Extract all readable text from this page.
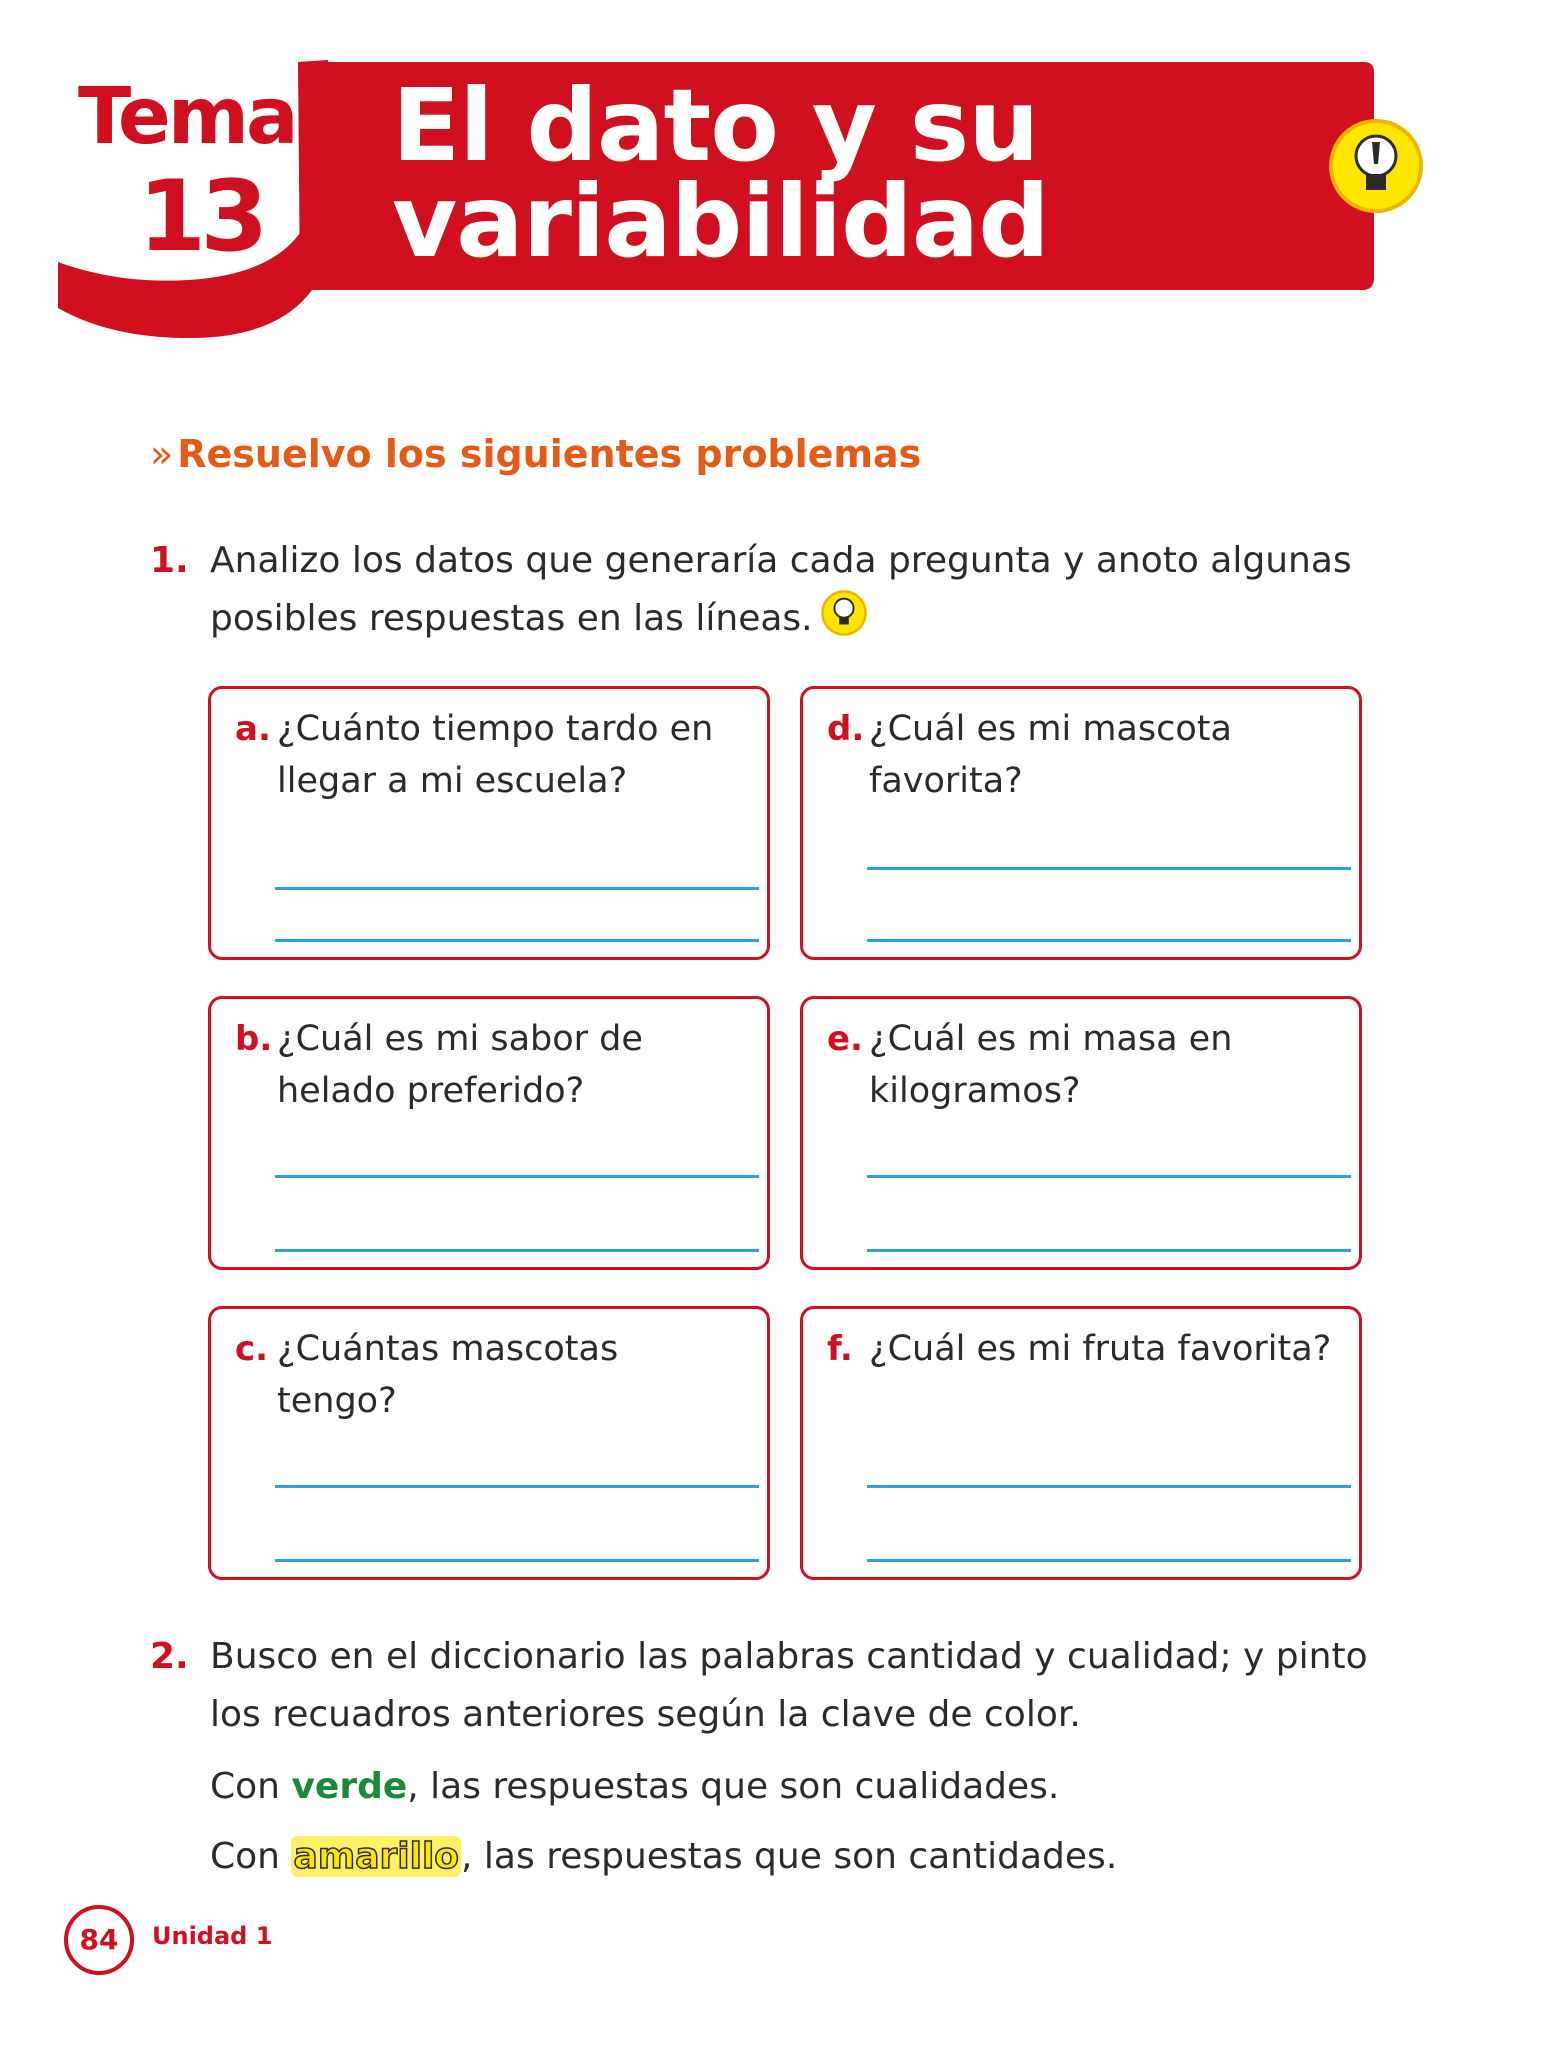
Tema
13
El dato y su
variabilidad
» Resuelvo los siguientes problemas
1. Analizo los datos que generaría cada pregunta y anoto algunas posibles respuestas en las líneas.
a. ¿Cuánto tiempo tardo en llegar a mi escuela?
b. ¿Cuál es mi sabor de helado preferido?
c. ¿Cuántas mascotas tengo?
d. ¿Cuál es mi mascota favorita?
e. ¿Cuál es mi masa en kilogramos?
f. ¿Cuál es mi fruta favorita?
2. Busco en el diccionario las palabras cantidad y cualidad; y pinto los recuadros anteriores según la clave de color.
Con verde, las respuestas que son cualidades.
Con amarillo, las respuestas que son cantidades.
84	Unidad 1
